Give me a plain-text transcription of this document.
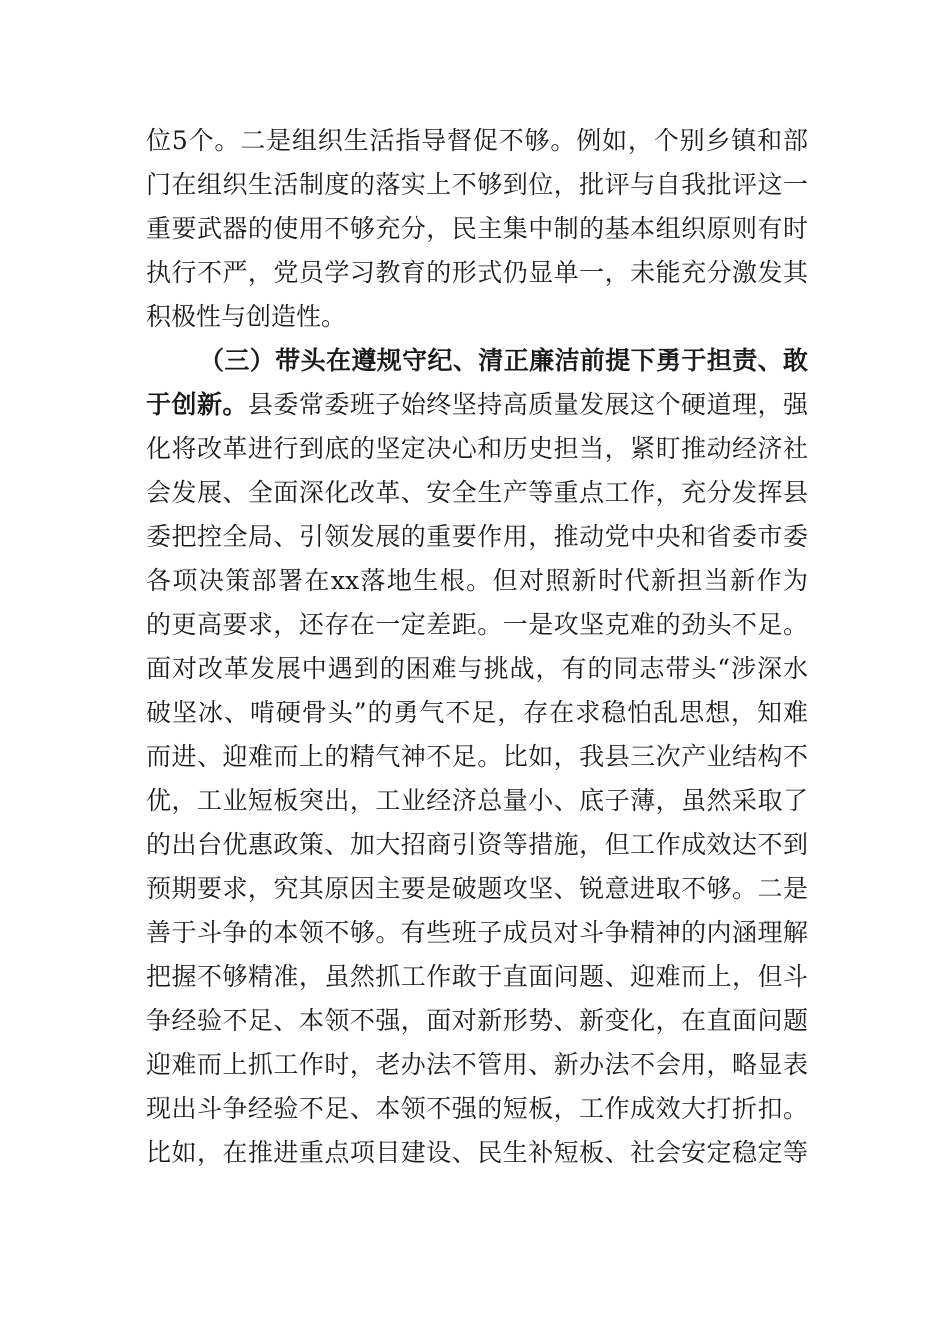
位5个。二是组织生活指导督促不够。例如，个别乡镇和部
门在组织生活制度的落实上不够到位，批评与自我批评这一
重要武器的使用不够充分，民主集中制的基本组织原则有时
执行不严，党员学习教育的形式仍显单一，未能充分激发其
积极性与创造性。
（三）带头在遵规守纪、清正廉洁前提下勇于担责、敢
于创新。县委常委班子始终坚持高质量发展这个硬道理，强
化将改革进行到底的坚定决心和历史担当，紧盯推动经济社
会发展、全面深化改革、安全生产等重点工作，充分发挥县
委把控全局、引领发展的重要作用，推动党中央和省委市委
各项决策部署在xx落地生根。但对照新时代新担当新作为
的更高要求，还存在一定差距。一是攻坚克难的劲头不足。
面对改革发展中遇到的困难与挑战，有的同志带头“涉深水
破坚冰、啃硬骨头”的勇气不足，存在求稳怕乱思想，知难
而进、迎难而上的精气神不足。比如，我县三次产业结构不
优，工业短板突出，工业经济总量小、底子薄，虽然采取了
的出台优惠政策、加大招商引资等措施，但工作成效达不到
预期要求，究其原因主要是破题攻坚、锐意进取不够。二是
善于斗争的本领不够。有些班子成员对斗争精神的内涵理解
把握不够精准，虽然抓工作敢于直面问题、迎难而上，但斗
争经验不足、本领不强，面对新形势、新变化，在直面问题
迎难而上抓工作时，老办法不管用、新办法不会用，略显表
现出斗争经验不足、本领不强的短板，工作成效大打折扣。
比如，在推进重点项目建设、民生补短板、社会安定稳定等
